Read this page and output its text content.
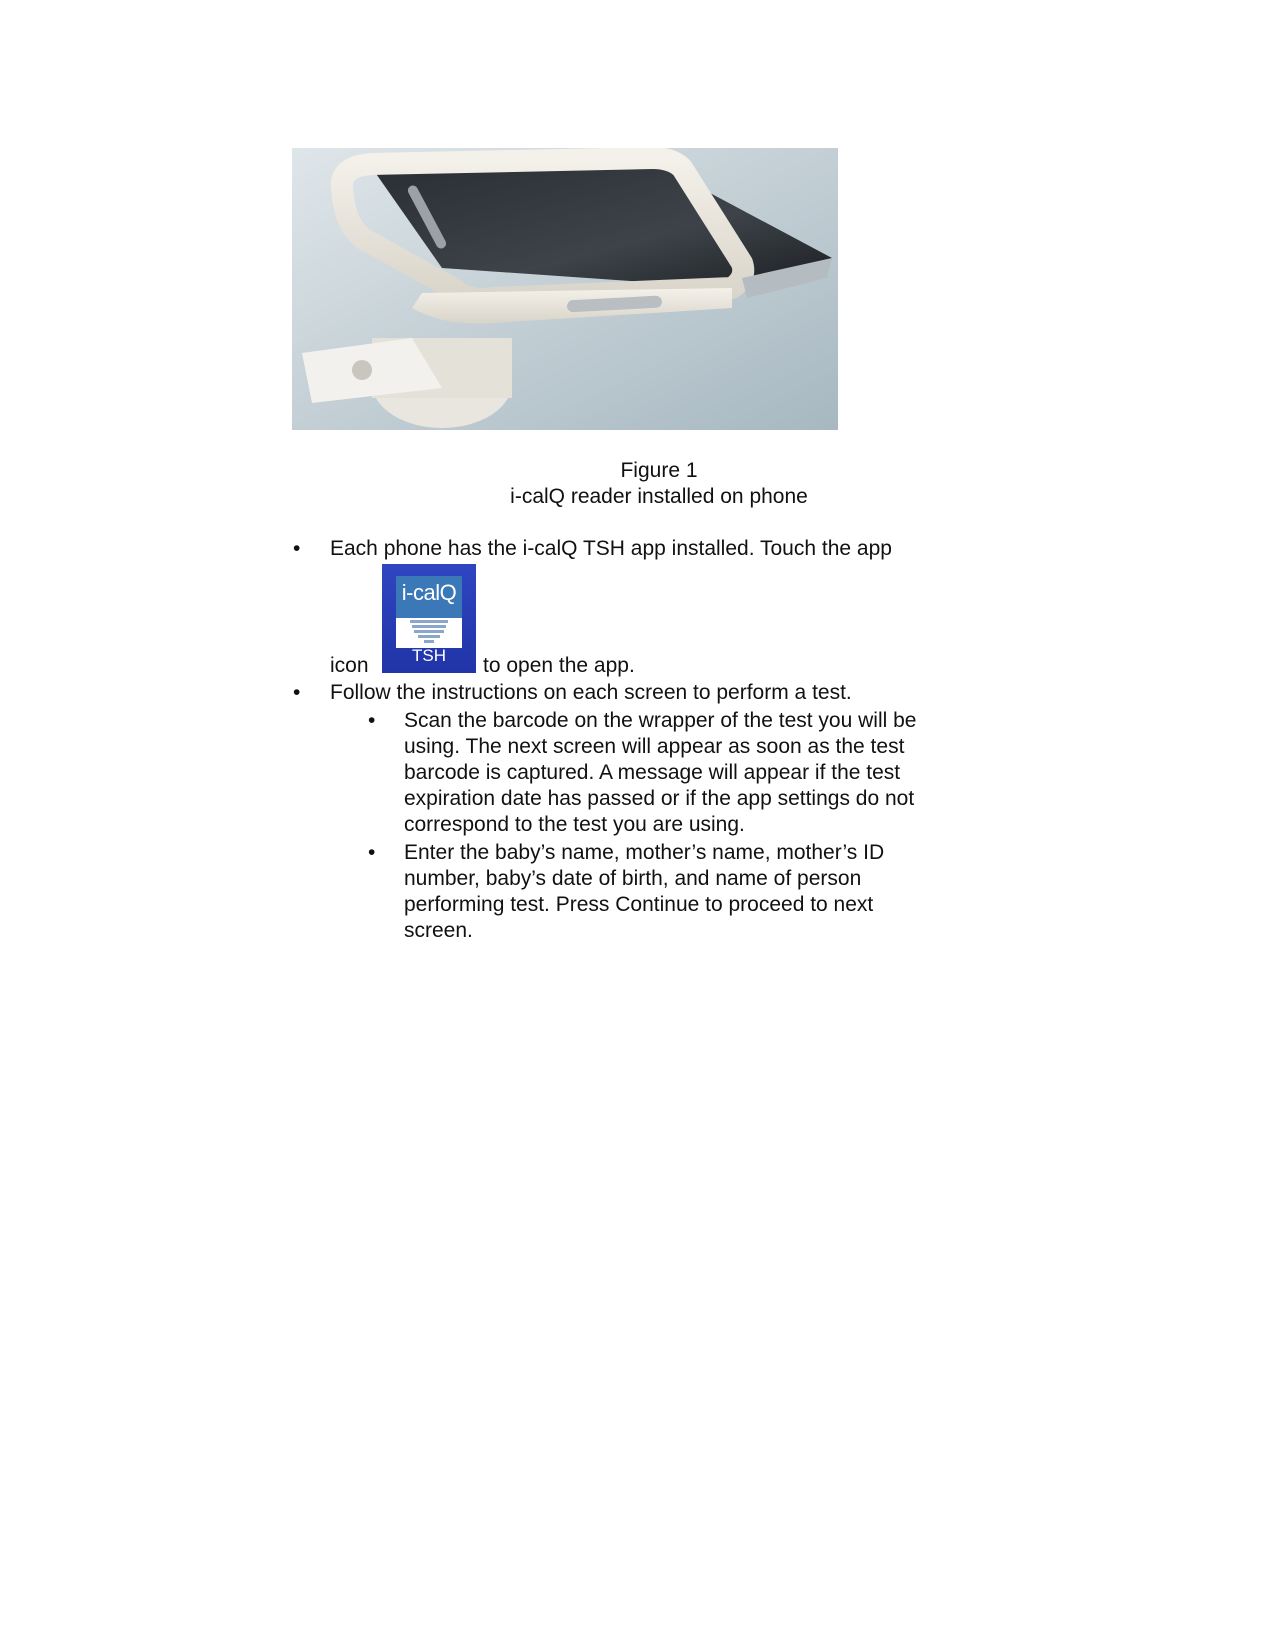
Figure 1
i-calQ reader installed on phone
• Each phone has the i-calQ TSH app installed. Touch the app
icon
i-calQ
TSH	to open the app.
• Follow the instructions on each screen to perform a test.
• Scan the barcode on the wrapper of the test you will be
using. The next screen will appear as soon as the test
barcode is captured. A message will appear if the test
expiration date has passed or if the app settings do not
correspond to the test you are using.
• Enter the baby’s name, mother’s name, mother’s ID
number, baby’s date of birth, and name of person
performing test. Press Continue to proceed to next
screen.
